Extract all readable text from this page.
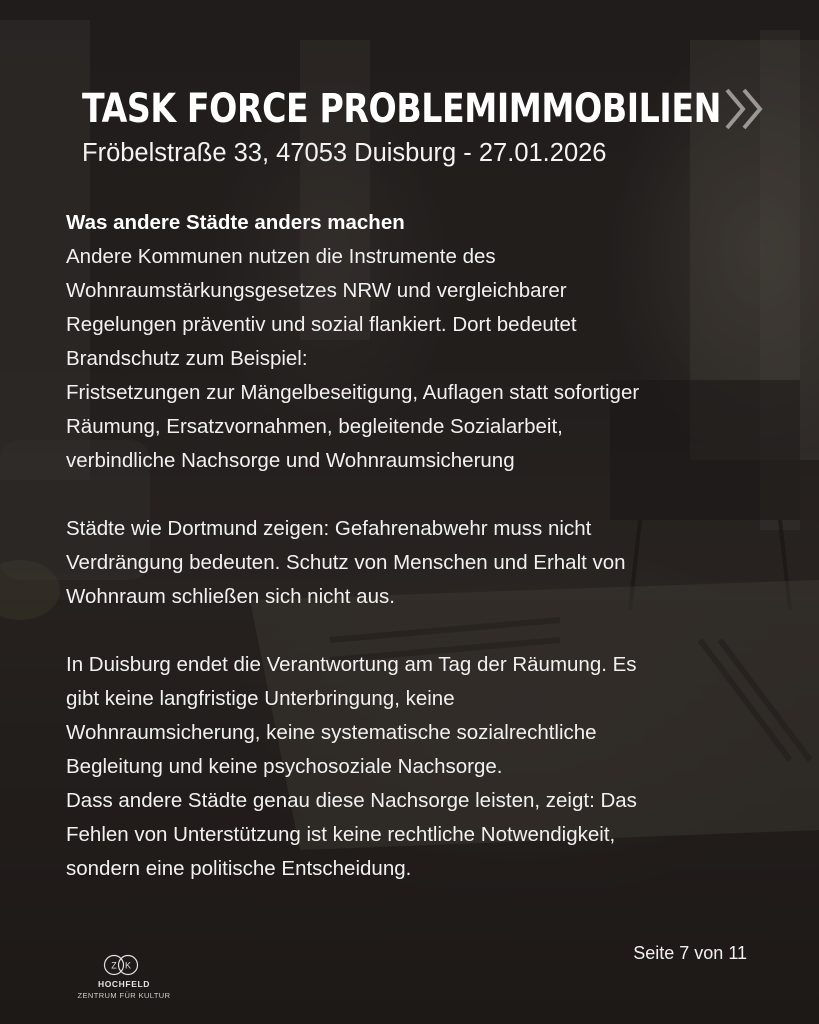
TASK FORCE PROBLEMIMMOBILIEN
Fröbelstraße 33, 47053 Duisburg - 27.01.2026

Was andere Städte anders machen

Andere Kommunen nutzen die Instrumente des

Wohnraumstärkungsgesetzes NRW und vergleichbarer

Regelungen präventiv und sozial flankiert. Dort bedeutet

Brandschutz zum Beispiel:

Fristsetzungen zur Mängelbeseitigung, Auflagen statt sofortiger

Räumung, Ersatzvornahmen, begleitende Sozialarbeit,

verbindliche Nachsorge und Wohnraumsicherung

Städte wie Dortmund zeigen: Gefahrenabwehr muss nicht

Verdrängung bedeuten. Schutz von Menschen und Erhalt von

Wohnraum schließen sich nicht aus.

In Duisburg endet die Verantwortung am Tag der Räumung. Es

gibt keine langfristige Unterbringung, keine

Wohnraumsicherung, keine systematische sozialrechtliche

Begleitung und keine psychosoziale Nachsorge.

Dass andere Städte genau diese Nachsorge leisten, zeigt: Das

Fehlen von Unterstützung ist keine rechtliche Notwendigkeit,

sondern eine politische Entscheidung.

Seite 7 von 11
Z K
HOCHFELD
ZENTRUM FÜR KULTUR
